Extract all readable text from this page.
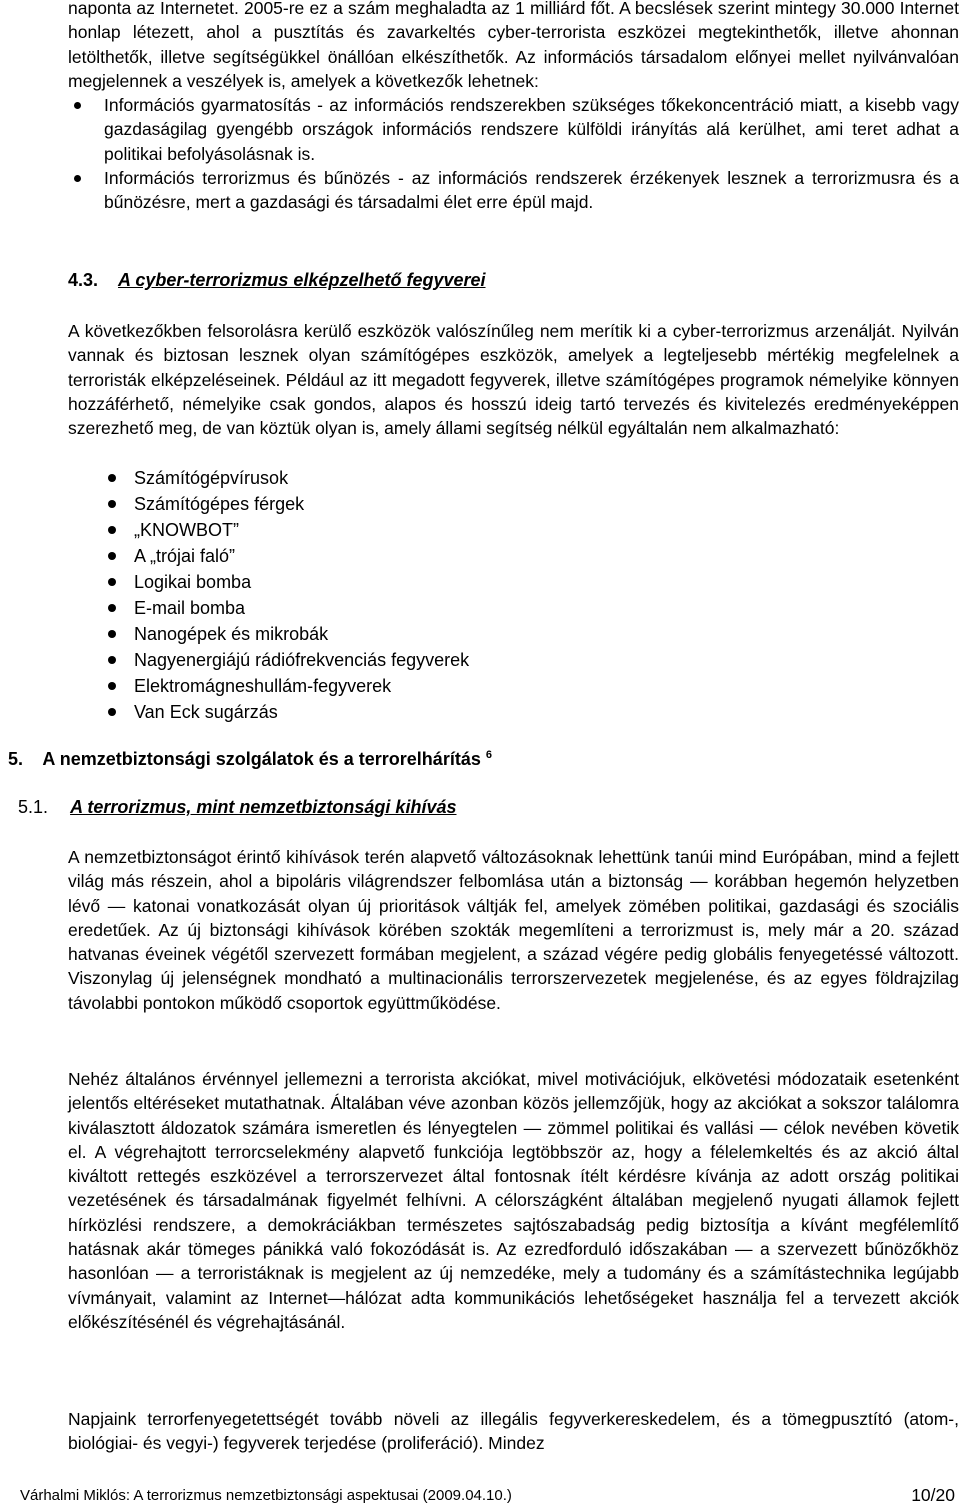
naponta az Internetet. 2005-re ez a szám meghaladta az 1 milliárd főt. A becslések szerint mintegy 30.000 Internet honlap létezett, ahol a pusztítás és zavarkeltés cyber-terrorista eszközei megtekinthetők, illetve ahonnan letölthetők, illetve segítségükkel önállóan elkészíthetők. Az információs társadalom előnyei mellet nyilvánvalóan megjelennek a veszélyek is, amelyek a következők lehetnek:

Információs gyarmatosítás - az információs rendszerekben szükséges tőkekoncentráció miatt, a kisebb vagy gazdaságilag gyengébb országok információs rendszere külföldi irányítás alá kerülhet, ami teret adhat a politikai befolyásolásnak is.
Információs terrorizmus és bűnözés - az információs rendszerek érzékenyek lesznek a terrorizmusra és a bűnözésre, mert a gazdasági és társadalmi élet erre épül majd.
4.3. A cyber-terrorizmus elképzelhető fegyverei

A következőkben felsorolásra kerülő eszközök valószínűleg nem merítik ki a cyber-terrorizmus arzenálját. Nyilván vannak és biztosan lesznek olyan számítógépes eszközök, amelyek a legteljesebb mértékig megfelelnek a terroristák elképzeléseinek. Például az itt megadott fegyverek, illetve számítógépes programok némelyike könnyen hozzáférhető, némelyike csak gondos, alapos és hosszú ideig tartó tervezés és kivitelezés eredményeképpen szerezhető meg, de van köztük olyan is, amely állami segítség nélkül egyáltalán nem alkalmazható:

Számítógépvírusok
Számítógépes férgek
„KNOWBOT”
A „trójai faló”
Logikai bomba
E-mail bomba
Nanogépek és mikrobák
Nagyenergiájú rádiófrekvenciás fegyverek
Elektromágneshullám-fegyverek
Van Eck sugárzás
5. A nemzetbiztonsági szolgálatok és a terrorelhárítás $^6$
5.1. A terrorizmus, mint nemzetbiztonsági kihívás

A nemzetbiztonságot érintő kihívások terén alapvető változásoknak lehettünk tanúi mind Európában, mind a fejlett világ más részein, ahol a bipoláris világrendszer felbomlása után a biztonság — korábban hegemón helyzetben lévő — katonai vonatkozását olyan új prioritások váltják fel, amelyek zömében politikai, gazdasági és szociális eredetűek. Az új biztonsági kihívások körében szokták megemlíteni a terrorizmust is, mely már a 20. század hatvanas éveinek végétől szervezett formában megjelent, a század végére pedig globális fenyegetéssé változott. Viszonylag új jelenségnek mondható a multinacionális terrorszervezetek megjelenése, és az egyes földrajzilag távolabbi pontokon működő csoportok együttműködése.

Nehéz általános érvénnyel jellemezni a terrorista akciókat, mivel motivációjuk, elkövetési módozataik esetenként jelentős eltéréseket mutathatnak. Általában véve azonban közös jellemzőjük, hogy az akciókat a sokszor találomra kiválasztott áldozatok számára ismeretlen és lényegtelen — zömmel politikai és vallási — célok nevében követik el. A végrehajtott terrorcselekmény alapvető funkciója legtöbbször az, hogy a félelemkeltés és az akció által kiváltott rettegés eszközével a terrorszervezet által fontosnak ítélt kérdésre kívánja az adott ország politikai vezetésének és társadalmának figyelmét felhívni. A célországként általában megjelenő nyugati államok fejlett hírközlési rendszere, a demokráciákban természetes sajtószabadság pedig biztosítja a kívánt megfélemlítő hatásnak akár tömeges pánikká való fokozódását is. Az ezredforduló időszakában — a szervezett bűnözőkhöz hasonlóan — a terroristáknak is megjelent az új nemzedéke, mely a tudomány és a számítástechnika legújabb vívmányait, valamint az Internet—hálózat adta kommunikációs lehetőségeket használja fel a tervezett akciók előkészítésénél és végrehajtásánál.

Napjaink terrorfenyegetettségét tovább növeli az illegális fegyverkereskedelem, és a tömegpusztító (atom-, biológiai- és vegyi-) fegyverek terjedése (proliferáció). Mindez

Várhalmi Miklós: A terrorizmus nemzetbiztonsági aspektusai (2009.04.10.)	10/20
